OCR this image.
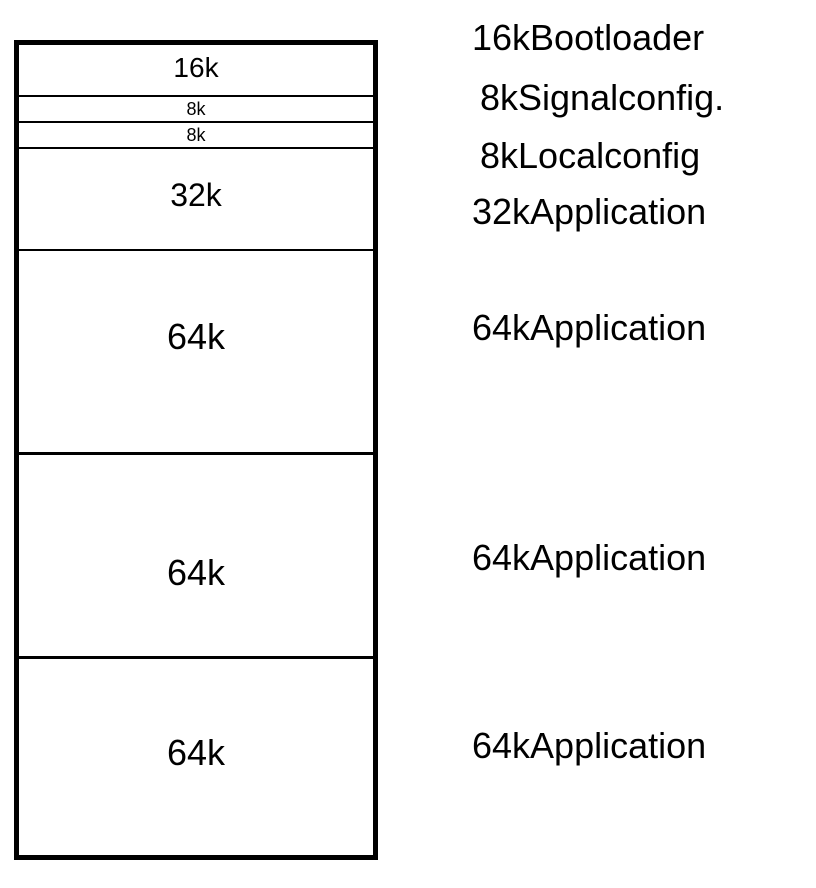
16k
8k
8k
32k
64k
64k
64k
16kBootloader
8kSignalconfig.
8kLocalconfig
32kApplication
64kApplication
64kApplication
64kApplication
